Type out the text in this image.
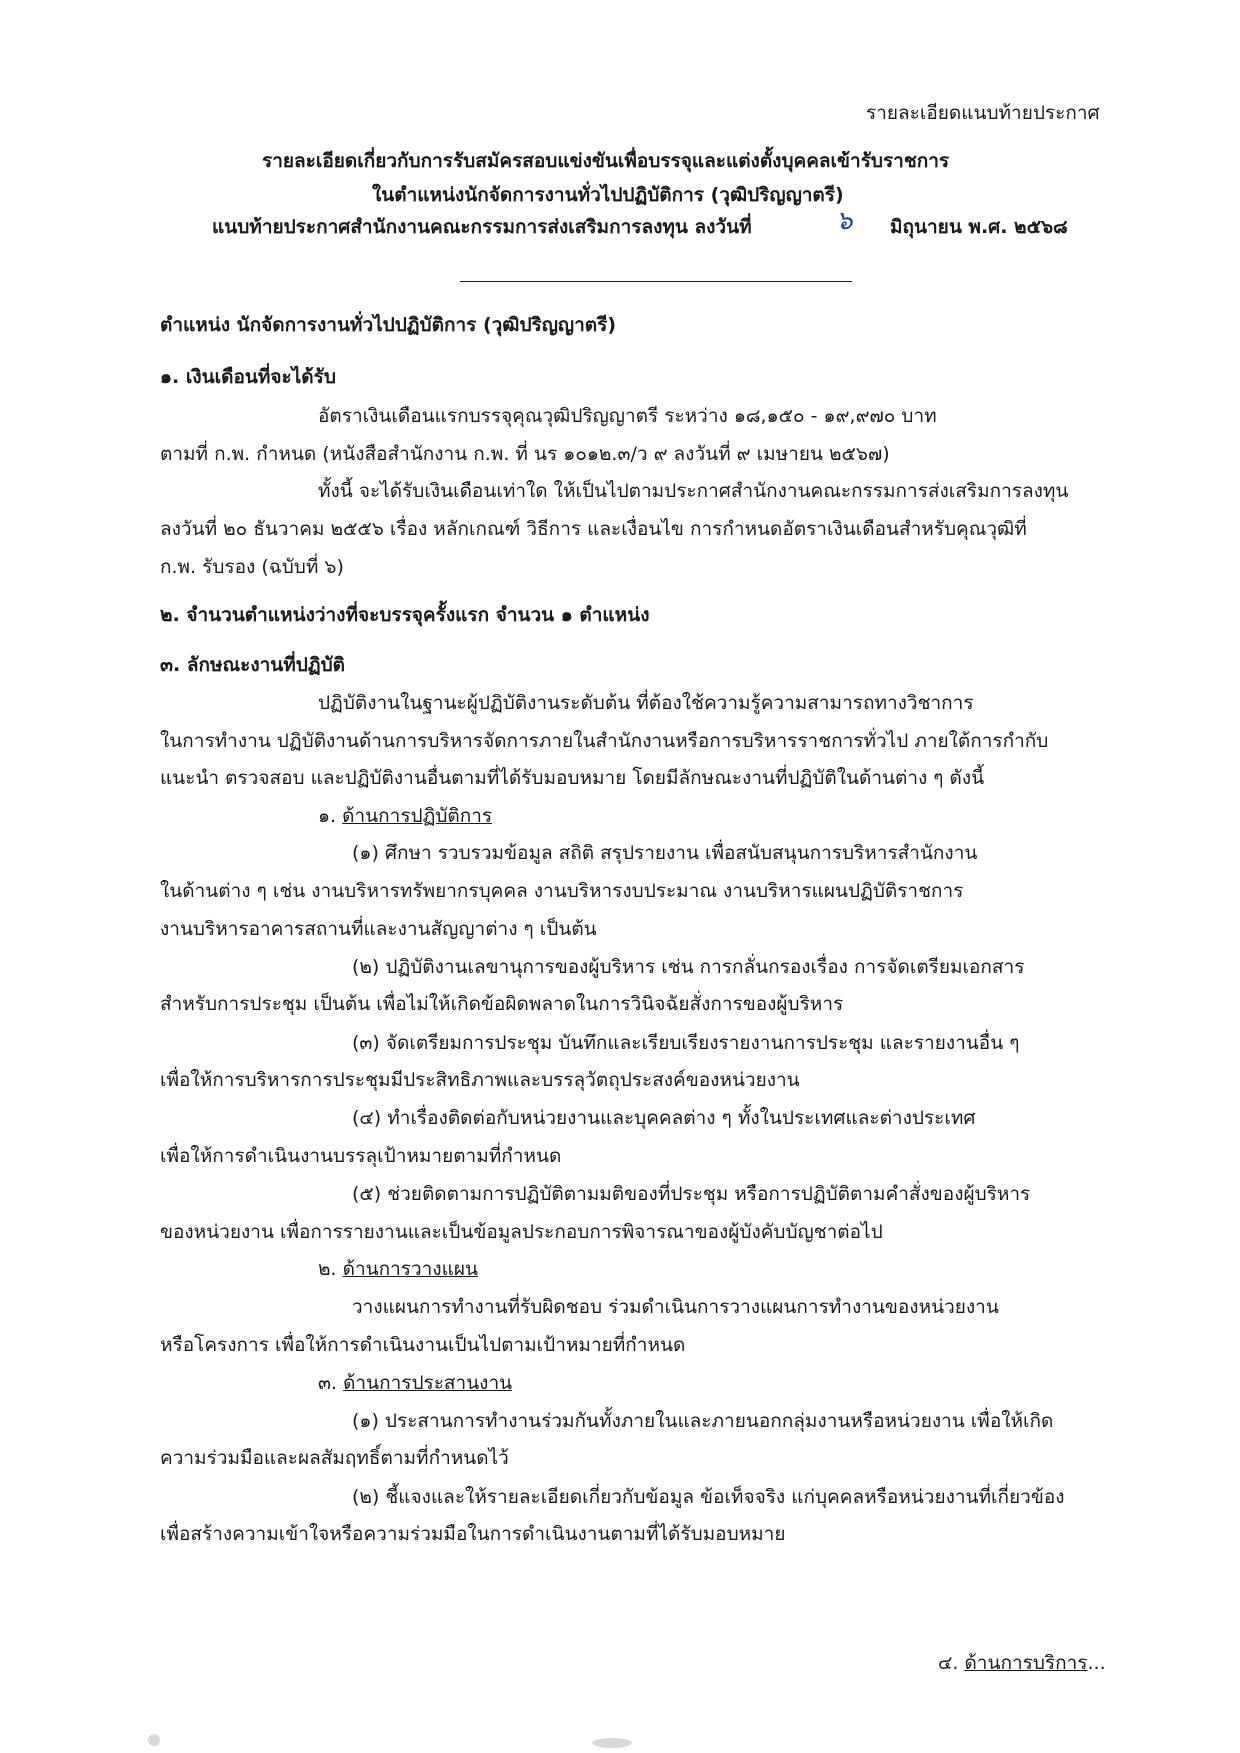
รายละเอียดแนบท้ายประกาศ
รายละเอียดเกี่ยวกับการรับสมัครสอบแข่งขันเพื่อบรรจุและแต่งตั้งบุคคลเข้ารับราชการ
ในตำแหน่งนักจัดการงานทั่วไปปฏิบัติการ (วุฒิปริญญาตรี)
แนบท้ายประกาศสำนักงานคณะกรรมการส่งเสริมการลงทุน ลงวันที่	๖ มิถุนายน พ.ศ. ๒๕๖๘
ตำแหน่ง นักจัดการงานทั่วไปปฏิบัติการ (วุฒิปริญญาตรี)
๑. เงินเดือนที่จะได้รับ
อัตราเงินเดือนแรกบรรจุคุณวุฒิปริญญาตรี ระหว่าง ๑๘,๑๕๐ - ๑๙,๙๗๐ บาท
ตามที่ ก.พ. กำหนด (หนังสือสำนักงาน ก.พ. ที่ นร ๑๐๑๒.๓/ว ๙ ลงวันที่ ๙ เมษายน ๒๕๖๗)
ทั้งนี้ จะได้รับเงินเดือนเท่าใด ให้เป็นไปตามประกาศสำนักงานคณะกรรมการส่งเสริมการลงทุน
ลงวันที่ ๒๐ ธันวาคม ๒๕๕๖ เรื่อง หลักเกณฑ์ วิธีการ และเงื่อนไข การกำหนดอัตราเงินเดือนสำหรับคุณวุฒิที่
ก.พ. รับรอง (ฉบับที่ ๖)
๒. จำนวนตำแหน่งว่างที่จะบรรจุครั้งแรก จำนวน ๑ ตำแหน่ง
๓. ลักษณะงานที่ปฏิบัติ
ปฏิบัติงานในฐานะผู้ปฏิบัติงานระดับต้น ที่ต้องใช้ความรู้ความสามารถทางวิชาการ
ในการทำงาน ปฏิบัติงานด้านการบริหารจัดการภายในสำนักงานหรือการบริหารราชการทั่วไป ภายใต้การกำกับ
แนะนำ ตรวจสอบ และปฏิบัติงานอื่นตามที่ได้รับมอบหมาย โดยมีลักษณะงานที่ปฏิบัติในด้านต่าง ๆ ดังนี้
๑. ด้านการปฏิบัติการ
(๑) ศึกษา รวบรวมข้อมูล สถิติ สรุปรายงาน เพื่อสนับสนุนการบริหารสำนักงาน
ในด้านต่าง ๆ เช่น งานบริหารทรัพยากรบุคคล งานบริหารงบประมาณ งานบริหารแผนปฏิบัติราชการ
งานบริหารอาคารสถานที่และงานสัญญาต่าง ๆ เป็นต้น
(๒) ปฏิบัติงานเลขานุการของผู้บริหาร เช่น การกลั่นกรองเรื่อง การจัดเตรียมเอกสาร
สำหรับการประชุม เป็นต้น เพื่อไม่ให้เกิดข้อผิดพลาดในการวินิจฉัยสั่งการของผู้บริหาร
(๓) จัดเตรียมการประชุม บันทึกและเรียบเรียงรายงานการประชุม และรายงานอื่น ๆ
เพื่อให้การบริหารการประชุมมีประสิทธิภาพและบรรลุวัตถุประสงค์ของหน่วยงาน
(๔) ทำเรื่องติดต่อกับหน่วยงานและบุคคลต่าง ๆ ทั้งในประเทศและต่างประเทศ
เพื่อให้การดำเนินงานบรรลุเป้าหมายตามที่กำหนด
(๕) ช่วยติดตามการปฏิบัติตามมติของที่ประชุม หรือการปฏิบัติตามคำสั่งของผู้บริหาร
ของหน่วยงาน เพื่อการรายงานและเป็นข้อมูลประกอบการพิจารณาของผู้บังคับบัญชาต่อไป
๒. ด้านการวางแผน
วางแผนการทำงานที่รับผิดชอบ ร่วมดำเนินการวางแผนการทำงานของหน่วยงาน
หรือโครงการ เพื่อให้การดำเนินงานเป็นไปตามเป้าหมายที่กำหนด
๓. ด้านการประสานงาน
(๑) ประสานการทำงานร่วมกันทั้งภายในและภายนอกกลุ่มงานหรือหน่วยงาน เพื่อให้เกิด
ความร่วมมือและผลสัมฤทธิ์ตามที่กำหนดไว้
(๒) ชี้แจงและให้รายละเอียดเกี่ยวกับข้อมูล ข้อเท็จจริง แก่บุคคลหรือหน่วยงานที่เกี่ยวข้อง
เพื่อสร้างความเข้าใจหรือความร่วมมือในการดำเนินงานตามที่ได้รับมอบหมาย
๔. ด้านการบริการ...
